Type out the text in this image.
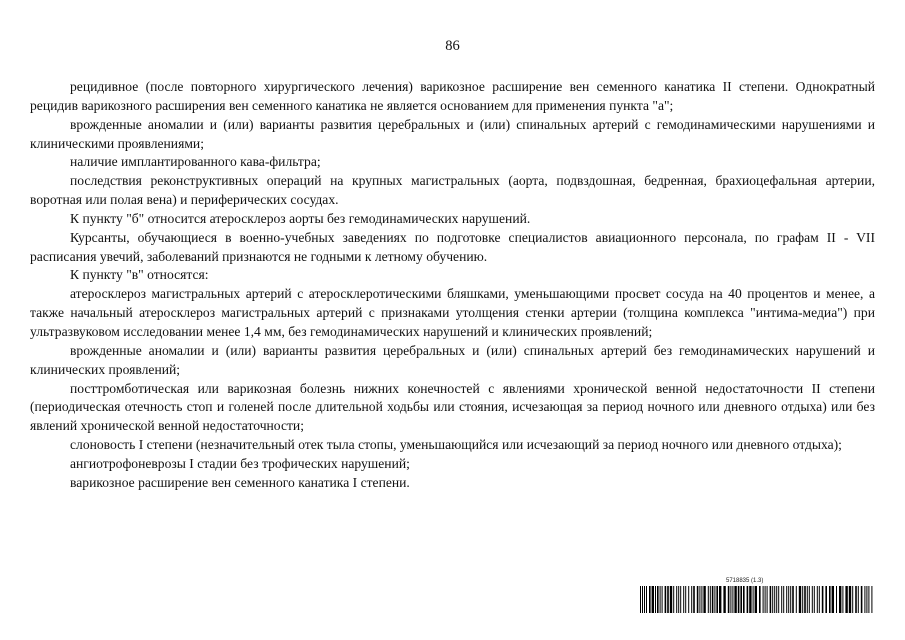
86

рецидивное (после повторного хирургического лечения) варикозное расширение вен семенного канатика II степени. Однократный рецидив варикозного расширения вен семенного канатика не является основанием для применения пункта "а";

врожденные аномалии и (или) варианты развития церебральных и (или) спинальных артерий с гемодинамическими нарушениями и клиническими проявлениями;

наличие имплантированного кава-фильтра;

последствия реконструктивных операций на крупных магистральных (аорта, подвздошная, бедренная, брахиоцефальная артерии, воротная или полая вена) и периферических сосудах.

К пункту "б" относится атеросклероз аорты без гемодинамических нарушений.

Курсанты, обучающиеся в военно-учебных заведениях по подготовке специалистов авиационного персонала, по графам II - VII расписания увечий, заболеваний признаются не годными к летному обучению.

К пункту "в" относятся:

атеросклероз магистральных артерий с атеросклеротическими бляшками, уменьшающими просвет сосуда на 40 процентов и менее, а также начальный атеросклероз магистральных артерий с признаками утолщения стенки артерии (толщина комплекса "интима-медиа") при ультразвуковом исследовании менее 1,4 мм, без гемодинамических нарушений и клинических проявлений;

врожденные аномалии и (или) варианты развития церебральных и (или) спинальных артерий без гемодинамических нарушений и клинических проявлений;

посттромботическая или варикозная болезнь нижних конечностей с явлениями хронической венной недостаточности II степени (периодическая отечность стоп и голеней после длительной ходьбы или стояния, исчезающая за период ночного или дневного отдыха) или без явлений хронической венной недостаточности;

слоновость I степени (незначительный отек тыла стопы, уменьшающийся или исчезающий за период ночного или дневного отдыха);

ангиотрофоневрозы I стадии без трофических нарушений;

варикозное расширение вен семенного канатика I степени.

5718835 (1.3)
